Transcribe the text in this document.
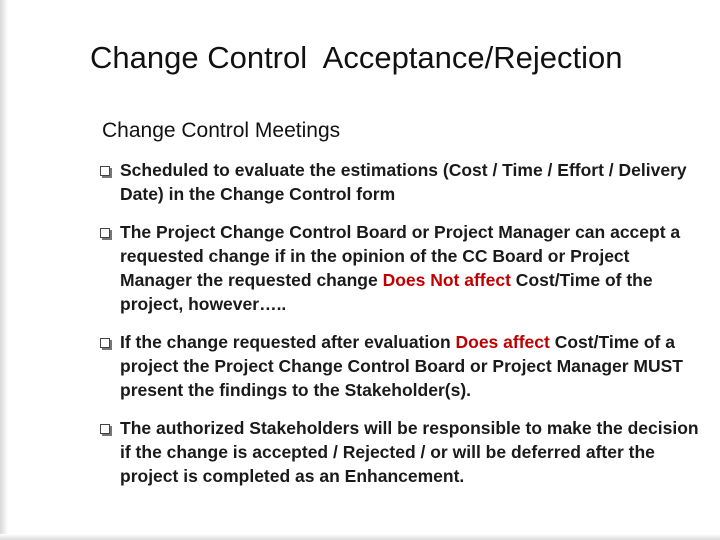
Change Control  Acceptance/Rejection
Change Control Meetings
Scheduled to evaluate the estimations (Cost / Time / Effort / Delivery Date) in the Change Control form
The Project Change Control Board or Project Manager can accept a requested change if in the opinion of the CC Board or Project Manager the requested change Does Not affect Cost/Time of the project, however…..
If the change requested after evaluation Does affect Cost/Time of a project the Project Change Control Board or Project Manager MUST present the findings to the Stakeholder(s).
The authorized Stakeholders will be responsible to make the decision if the change is accepted / Rejected / or will be deferred after the project is completed as an Enhancement.
